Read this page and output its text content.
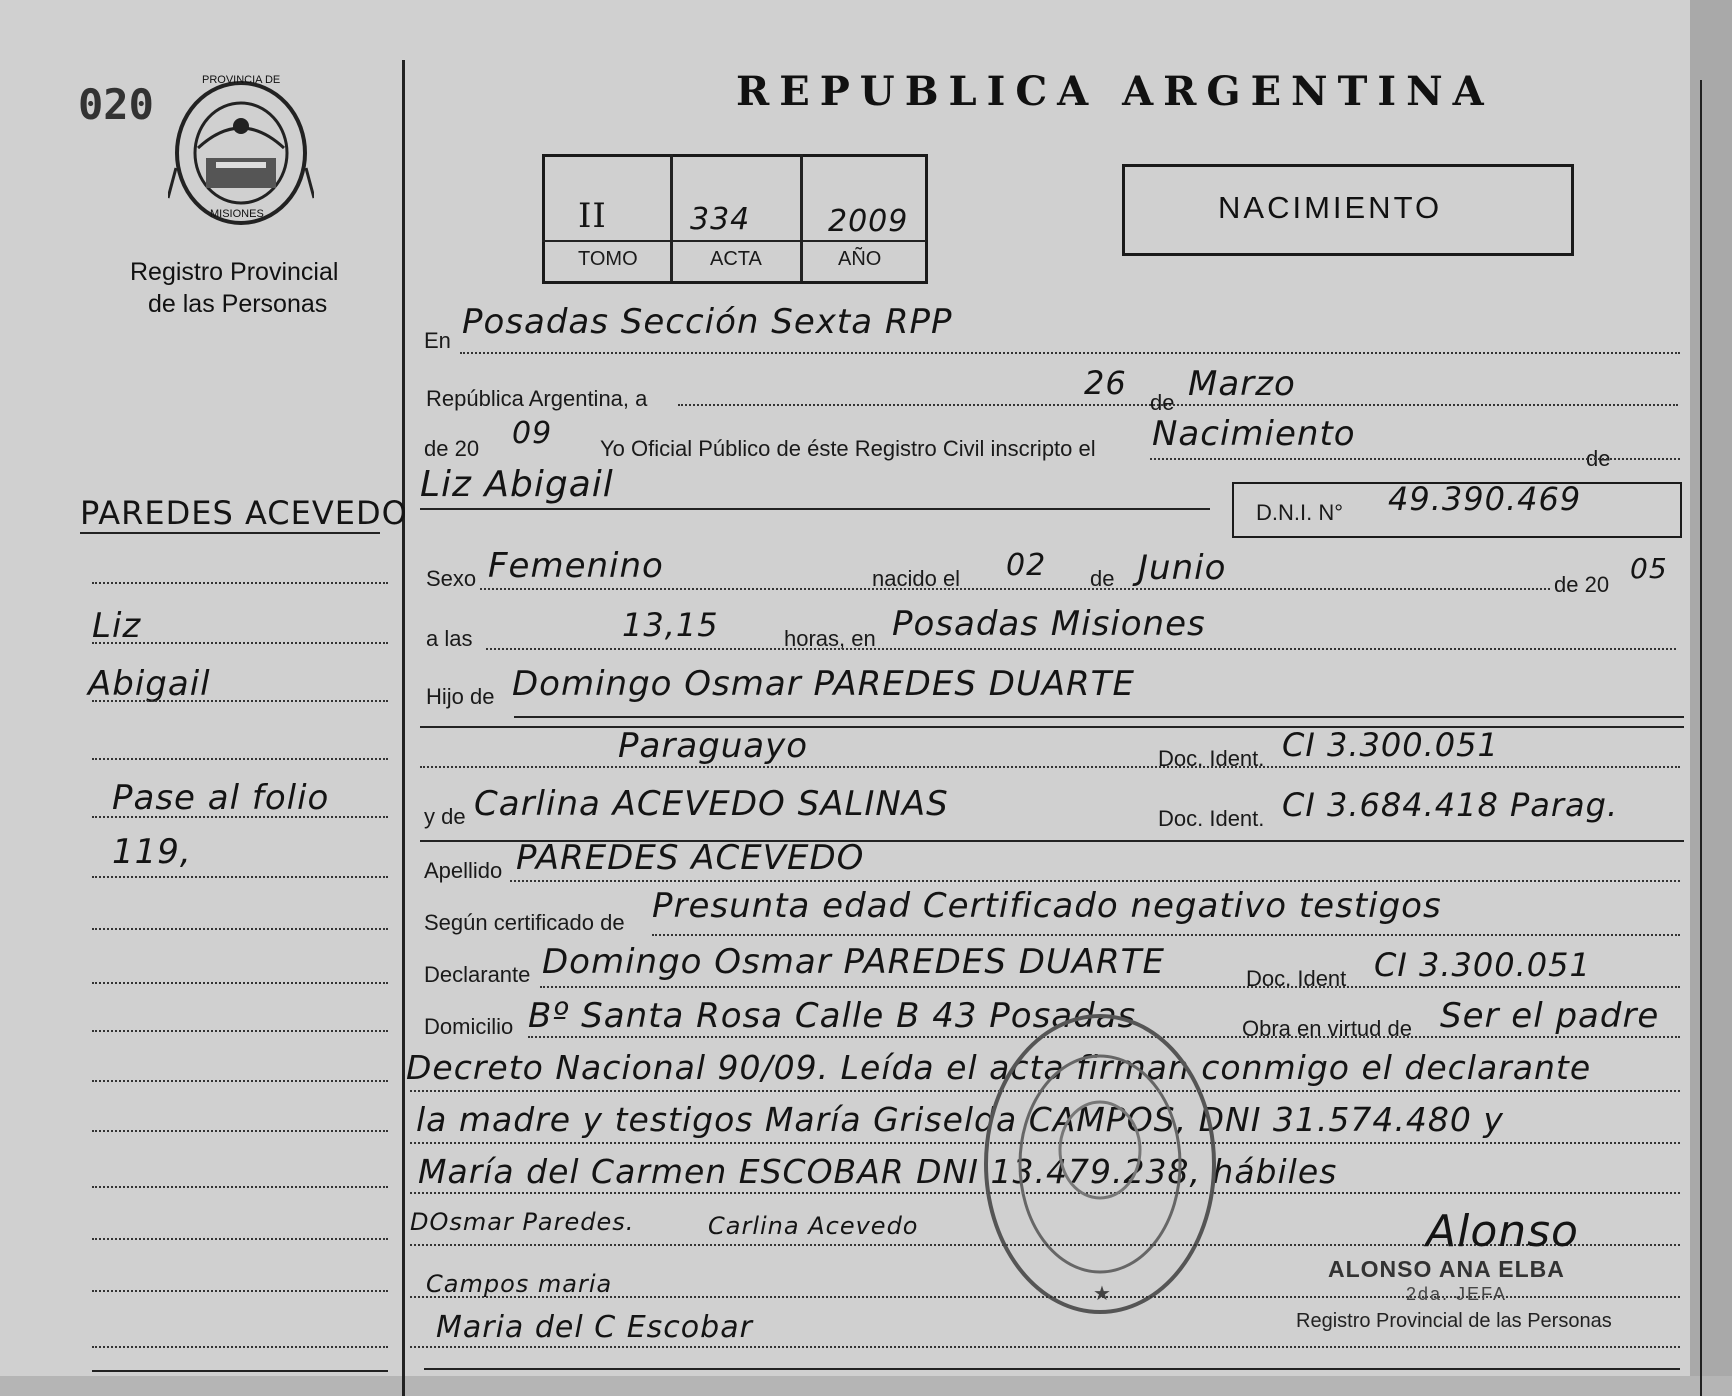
020	PROVINCIA DE
MISIONES
Registro Provincial
de las Personas
PAREDES ACEVEDO
Liz
Abigail
Pase al folio
119,
REPUBLICA ARGENTINA
II	334	2009
TOMO	ACTA	AÑO
NACIMIENTO
En Posadas Sección Sexta RPP
República Argentina, a	26
de Marzo
de 20 09 Yo Oficial Público de éste Registro Civil inscripto el Nacimiento
de
Liz Abigail
D.N.I. N° 49.390.469
Sexo Femenino	nacido el 02 de Junio	de 20 05
a las	13,15	horas, en Posadas Misiones
Hijo de Domingo Osmar PAREDES DUARTE
Paraguayo	Doc. Ident. CI 3.300.051
y de Carlina ACEVEDO SALINAS	Doc. Ident. CI 3.684.418 Parag.
Apellido PAREDES ACEVEDO
Según certificado de Presunta edad Certificado negativo testigos
Declarante Domingo Osmar PAREDES DUARTE	Doc. Ident CI 3.300.051
Domicilio Bº Santa Rosa Calle B 43 Posadas	Obra en virtud de Ser el padre
Decreto Nacional 90/09. Leída el acta firman conmigo el declarante
la madre y testigos María Griselda CAMPOS, DNI 31.574.480 y
María del Carmen ESCOBAR DNI 13.479.238, hábiles
★
DOsmar Paredes.	Carlina Acevedo
Campos maria
Maria del C Escobar
Alonso
ALONSO ANA ELBA
2da. JEFA
Registro Provincial de las Personas
